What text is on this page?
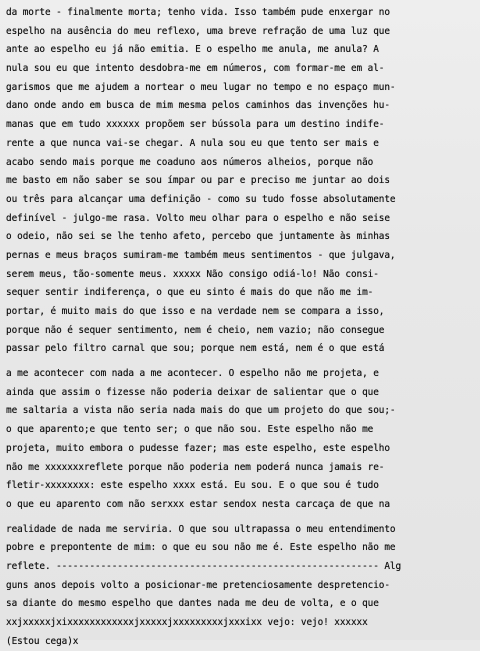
da morte - finalmente morta; tenho vida. Isso também pude enxergar no
espelho na ausência do meu reflexo, uma breve refração de uma luz que
ante ao espelho eu já não emitia. E o espelho me anula, me anula? A
nula sou eu que intento desdobra-me em números, com formar-me em al-
garismos que me ajudem a nortear o meu lugar no tempo e no espaço mun-
dano onde ando em busca de mim mesma pelos caminhos das invenções hu-
manas que em tudo xxxxxx propõem ser bússola para um destino indife-
rente a que nunca vai-se chegar. A nula sou eu que tento ser mais e
acabo sendo mais porque me coaduno aos números alheios, porque não
me basto em não saber se sou ímpar ou par e preciso me juntar ao dois
ou três para alcançar uma definição - como su tudo fosse absolutamente
definível - julgo-me rasa. Volto meu olhar para o espelho e não seise
o odeio, não sei se lhe tenho afeto, percebo que juntamente às minhas
pernas e meus braços sumiram-me também meus sentimentos - que julgava,
serem meus, tão-somente meus. xxxxx Não consigo odiá-lo! Não consi-
sequer sentir indiferença, o que eu sinto é mais do que não me im-
portar, é muito mais do que isso e na verdade nem se compara a isso,
porque não é sequer sentimento, nem é cheio, nem vazio; não consegue
passar pelo filtro carnal que sou; porque nem está, nem é o que está
a me acontecer com nada a me acontecer. O espelho não me projeta, e
ainda que assim o fizesse não poderia deixar de salientar que o que
me saltaria a vista não seria nada mais do que um projeto do que sou;-
o que aparento;e que tento ser; o que não sou. Este espelho não me
projeta, muito embora o pudesse fazer; mas este espelho, este espelho
não me xxxxxxxreflete porque não poderia nem poderá nunca jamais re-
fletir-xxxxxxxx: este espelho xxxx está. Eu sou. E o que sou é tudo
o que eu aparento com não serxxx estar sendox nesta carcaça de que na
realidade de nada me serviria. O que sou ultrapassa o meu entendimento
pobre e prepontente de mim: o que eu sou não me é. Este espelho não me
reflete. ---------------------------------------------------------- Alg
guns anos depois volto a posicionar-me pretenciosamente despretencio-
sa diante do mesmo espelho que dantes nada me deu de volta, e o que
xxjxxxxxjxixxxxxxxxxxxxjxxxxxjxxxxxxxxxjxxxixx vejo: vejo! xxxxxx
(Estou cega)x
